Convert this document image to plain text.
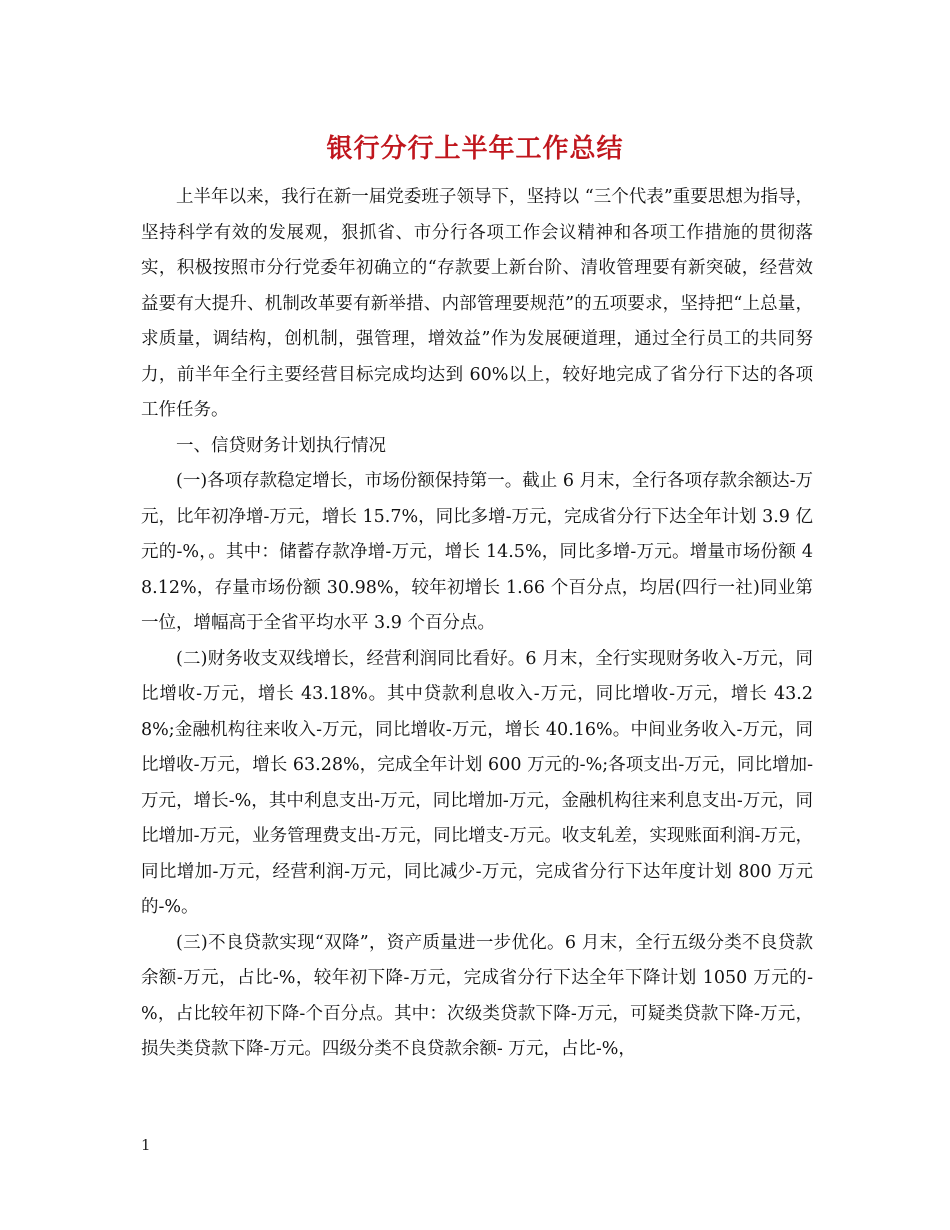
银行分行上半年工作总结

上半年以来，我行在新一届党委班子领导下，坚持以 “三个代表”重要思想为指导，坚持科学有效的发展观，狠抓省、市分行各项工作会议精神和各项工作措施的贯彻落实，积极按照市分行党委年初确立的“存款要上新台阶、清收管理要有新突破，经营效益要有大提升、机制改革要有新举措、内部管理要规范”的五项要求，坚持把“上总量，求质量，调结构，创机制，强管理，增效益”作为发展硬道理，通过全行员工的共同努力，前半年全行主要经营目标完成均达到 60%以上，较好地完成了省分行下达的各项工作任务。

一、信贷财务计划执行情况

(一)各项存款稳定增长，市场份额保持第一。截止 6 月末，全行各项存款余额达-万元，比年初净增-万元，增长 15.7%，同比多增-万元，完成省分行下达全年计划 3.9 亿元的-%，。其中：储蓄存款净增-万元，增长 14.5%，同比多增-万元。增量市场份额 48.12%，存量市场份额 30.98%，较年初增长 1.66 个百分点，均居(四行一社)同业第一位，增幅高于全省平均水平 3.9 个百分点。

(二)财务收支双线增长，经营利润同比看好。6 月末，全行实现财务收入-万元，同比增收-万元，增长 43.18%。其中贷款利息收入-万元，同比增收-万元，增长 43.28%;金融机构往来收入-万元，同比增收-万元，增长 40.16%。中间业务收入-万元，同比增收-万元，增长 63.28%，完成全年计划 600 万元的-%;各项支出-万元，同比增加-万元，增长-%，其中利息支出-万元，同比增加-万元，金融机构往来利息支出-万元，同比增加-万元，业务管理费支出-万元，同比增支-万元。收支轧差，实现账面利润-万元，同比增加-万元，经营利润-万元，同比减少-万元，完成省分行下达年度计划 800 万元的-%。

(三)不良贷款实现“双降”，资产质量进一步优化。6 月末，全行五级分类不良贷款余额-万元，占比-%，较年初下降-万元，完成省分行下达全年下降计划 1050 万元的-%，占比较年初下降-个百分点。其中：次级类贷款下降-万元，可疑类贷款下降-万元，损失类贷款下降-万元。四级分类不良贷款余额- 万元，占比-%，

1
